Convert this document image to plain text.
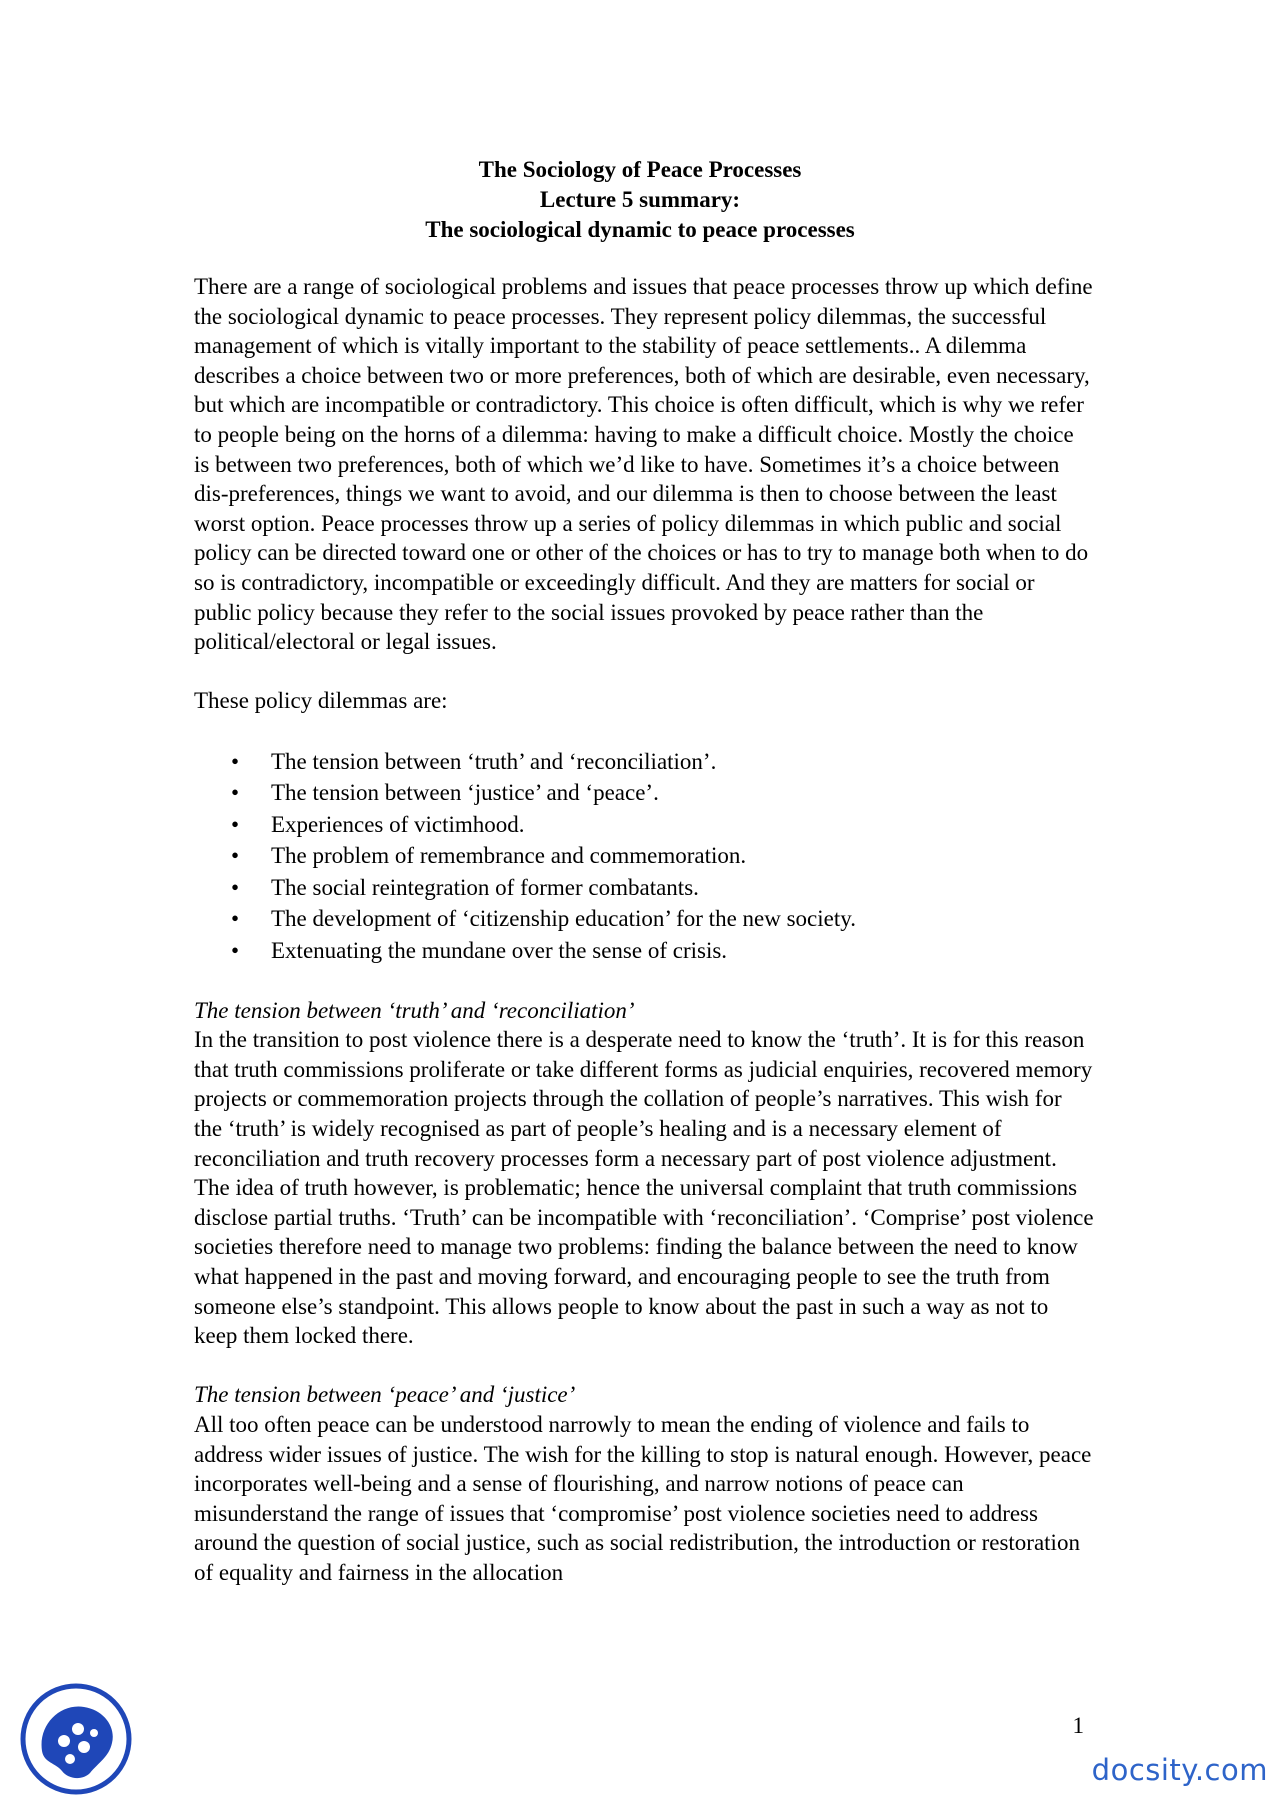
The Sociology of Peace Processes
Lecture 5 summary:
The sociological dynamic to peace processes

There are a range of sociological problems and issues that peace processes throw up which define the sociological dynamic to peace processes. They represent policy dilemmas, the successful management of which is vitally important to the stability of peace settlements.. A dilemma describes a choice between two or more preferences, both of which are desirable, even necessary, but which are incompatible or contradictory. This choice is often difficult, which is why we refer to people being on the horns of a dilemma: having to make a difficult choice. Mostly the choice is between two preferences, both of which we’d like to have. Sometimes it’s a choice between dis-preferences, things we want to avoid, and our dilemma is then to choose between the least worst option. Peace processes throw up a series of policy dilemmas in which public and social policy can be directed toward one or other of the choices or has to try to manage both when to do so is contradictory, incompatible or exceedingly difficult. And they are matters for social or public policy because they refer to the social issues provoked by peace rather than the political/electoral or legal issues.

These policy dilemmas are:

• The tension between ‘truth’ and ‘reconciliation’.
• The tension between ‘justice’ and ‘peace’.
• Experiences of victimhood.
• The problem of remembrance and commemoration.
• The social reintegration of former combatants.
• The development of ‘citizenship education’ for the new society.
• Extenuating the mundane over the sense of crisis.

The tension between ‘truth’ and ‘reconciliation’
In the transition to post violence there is a desperate need to know the ‘truth’. It is for this reason that truth commissions proliferate or take different forms as judicial enquiries, recovered memory projects or commemoration projects through the collation of people’s narratives. This wish for the ‘truth’ is widely recognised as part of people’s healing and is a necessary element of reconciliation and truth recovery processes form a necessary part of post violence adjustment. The idea of truth however, is problematic; hence the universal complaint that truth commissions disclose partial truths. ‘Truth’ can be incompatible with ‘reconciliation’. ‘Comprise’ post violence societies therefore need to manage two problems: finding the balance between the need to know what happened in the past and moving forward, and encouraging people to see the truth from someone else’s standpoint. This allows people to know about the past in such a way as not to keep them locked there.

The tension between ‘peace’ and ‘justice’
All too often peace can be understood narrowly to mean the ending of violence and fails to address wider issues of justice. The wish for the killing to stop is natural enough. However, peace incorporates well-being and a sense of flourishing, and narrow notions of peace can misunderstand the range of issues that ‘compromise’ post violence societies need to address around the question of social justice, such as social redistribution, the introduction or restoration of equality and fairness in the allocation

1
docsity.com
